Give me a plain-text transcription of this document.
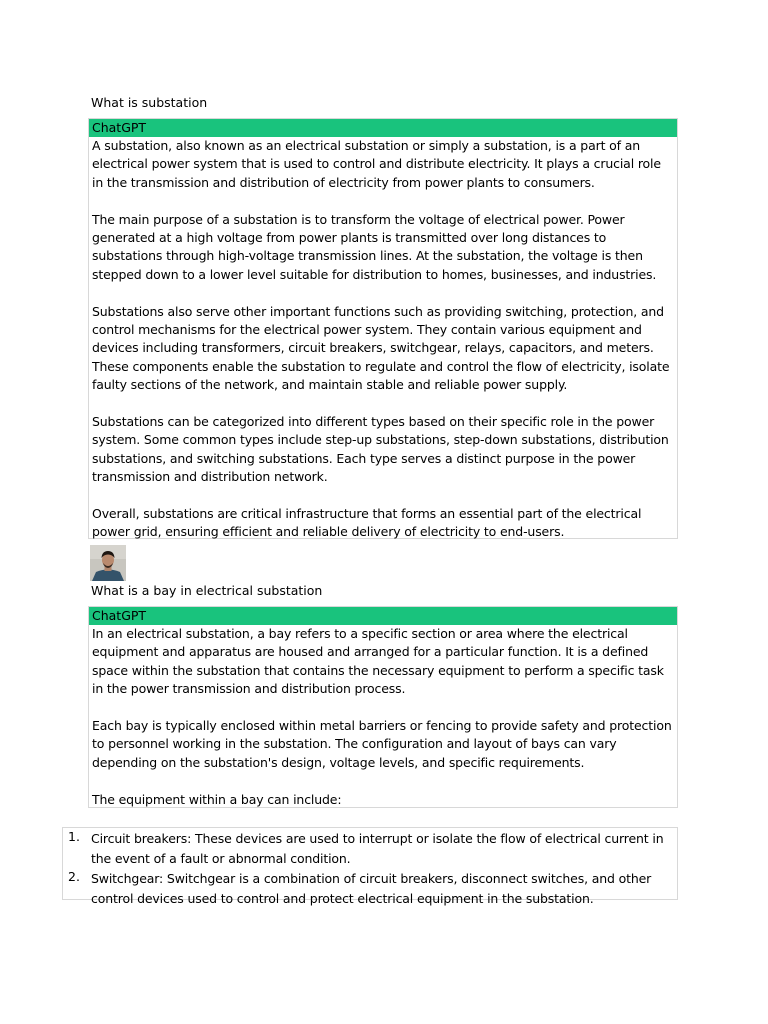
What is substation
ChatGPT

A substation, also known as an electrical substation or simply a substation, is a part of an electrical power system that is used to control and distribute electricity. It plays a crucial role in the transmission and distribution of electricity from power plants to consumers.

The main purpose of a substation is to transform the voltage of electrical power. Power generated at a high voltage from power plants is transmitted over long distances to substations through high-voltage transmission lines. At the substation, the voltage is then stepped down to a lower level suitable for distribution to homes, businesses, and industries.

Substations also serve other important functions such as providing switching, protection, and control mechanisms for the electrical power system. They contain various equipment and devices including transformers, circuit breakers, switchgear, relays, capacitors, and meters. These components enable the substation to regulate and control the flow of electricity, isolate faulty sections of the network, and maintain stable and reliable power supply.

Substations can be categorized into different types based on their specific role in the power system. Some common types include step-up substations, step-down substations, distribution substations, and switching substations. Each type serves a distinct purpose in the power transmission and distribution network.

Overall, substations are critical infrastructure that forms an essential part of the electrical power grid, ensuring efficient and reliable delivery of electricity to end-users.

What is a bay in electrical substation
ChatGPT

In an electrical substation, a bay refers to a specific section or area where the electrical equipment and apparatus are housed and arranged for a particular function. It is a defined space within the substation that contains the necessary equipment to perform a specific task in the power transmission and distribution process.

Each bay is typically enclosed within metal barriers or fencing to provide safety and protection to personnel working in the substation. The configuration and layout of bays can vary depending on the substation's design, voltage levels, and specific requirements.

The equipment within a bay can include:

1. Circuit breakers: These devices are used to interrupt or isolate the flow of electrical current in the event of a fault or abnormal condition.
2. Switchgear: Switchgear is a combination of circuit breakers, disconnect switches, and other control devices used to control and protect electrical equipment in the substation.
